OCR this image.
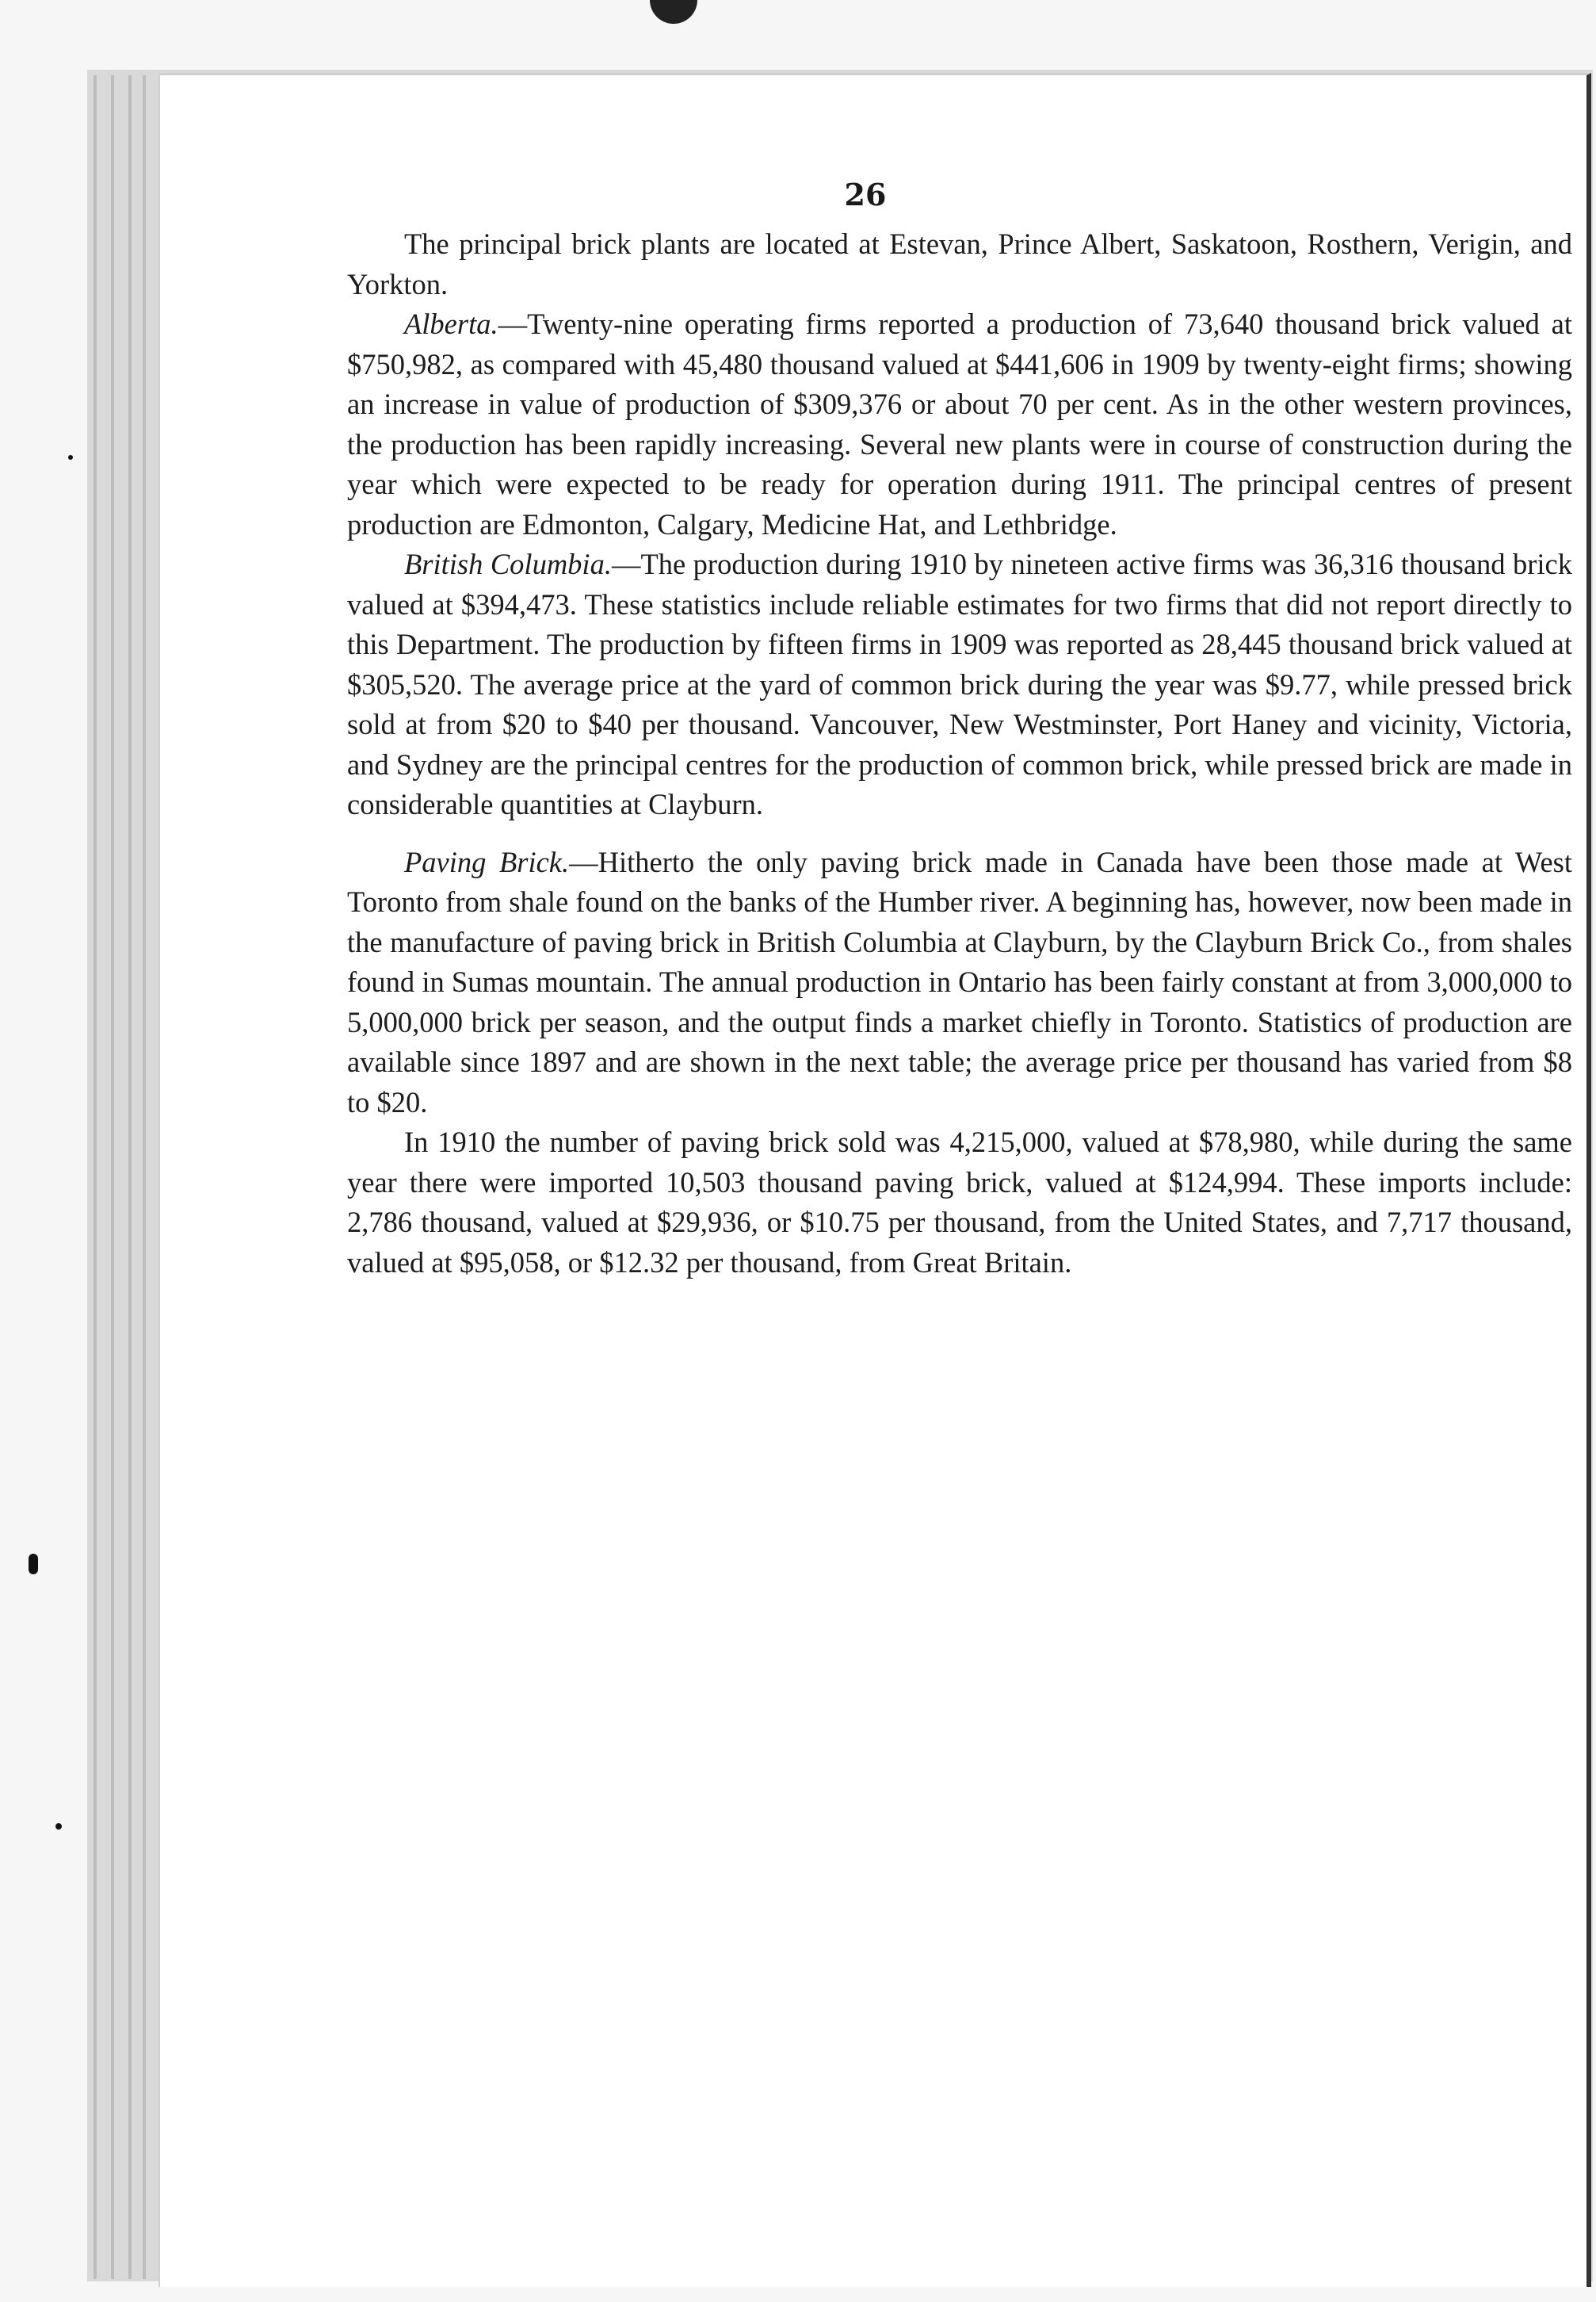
26

The principal brick plants are located at Estevan, Prince Albert, Saskatoon, Rosthern, Verigin, and Yorkton.

Alberta.—Twenty-nine operating firms reported a production of 73,640 thousand brick valued at $750,982, as compared with 45,480 thousand valued at $441,606 in 1909 by twenty-eight firms; showing an increase in value of production of $309,376 or about 70 per cent. As in the other western provinces, the production has been rapidly increasing. Several new plants were in course of construction during the year which were expected to be ready for operation during 1911. The principal centres of present production are Edmonton, Calgary, Medicine Hat, and Lethbridge.

British Columbia.—The production during 1910 by nineteen active firms was 36,316 thousand brick valued at $394,473. These statistics include reliable estimates for two firms that did not report directly to this Department. The production by fifteen firms in 1909 was reported as 28,445 thousand brick valued at $305,520. The average price at the yard of common brick during the year was $9.77, while pressed brick sold at from $20 to $40 per thousand. Vancouver, New Westminster, Port Haney and vicinity, Victoria, and Sydney are the principal centres for the production of common brick, while pressed brick are made in considerable quantities at Clayburn.

Paving Brick.—Hitherto the only paving brick made in Canada have been those made at West Toronto from shale found on the banks of the Humber river. A beginning has, however, now been made in the manufacture of paving brick in British Columbia at Clayburn, by the Clayburn Brick Co., from shales found in Sumas mountain. The annual production in Ontario has been fairly constant at from 3,000,000 to 5,000,000 brick per season, and the output finds a market chiefly in Toronto. Statistics of production are available since 1897 and are shown in the next table; the average price per thousand has varied from $8 to $20.

In 1910 the number of paving brick sold was 4,215,000, valued at $78,980, while during the same year there were imported 10,503 thousand paving brick, valued at $124,994. These imports include: 2,786 thousand, valued at $29,936, or $10.75 per thousand, from the United States, and 7,717 thousand, valued at $95,058, or $12.32 per thousand, from Great Britain.
